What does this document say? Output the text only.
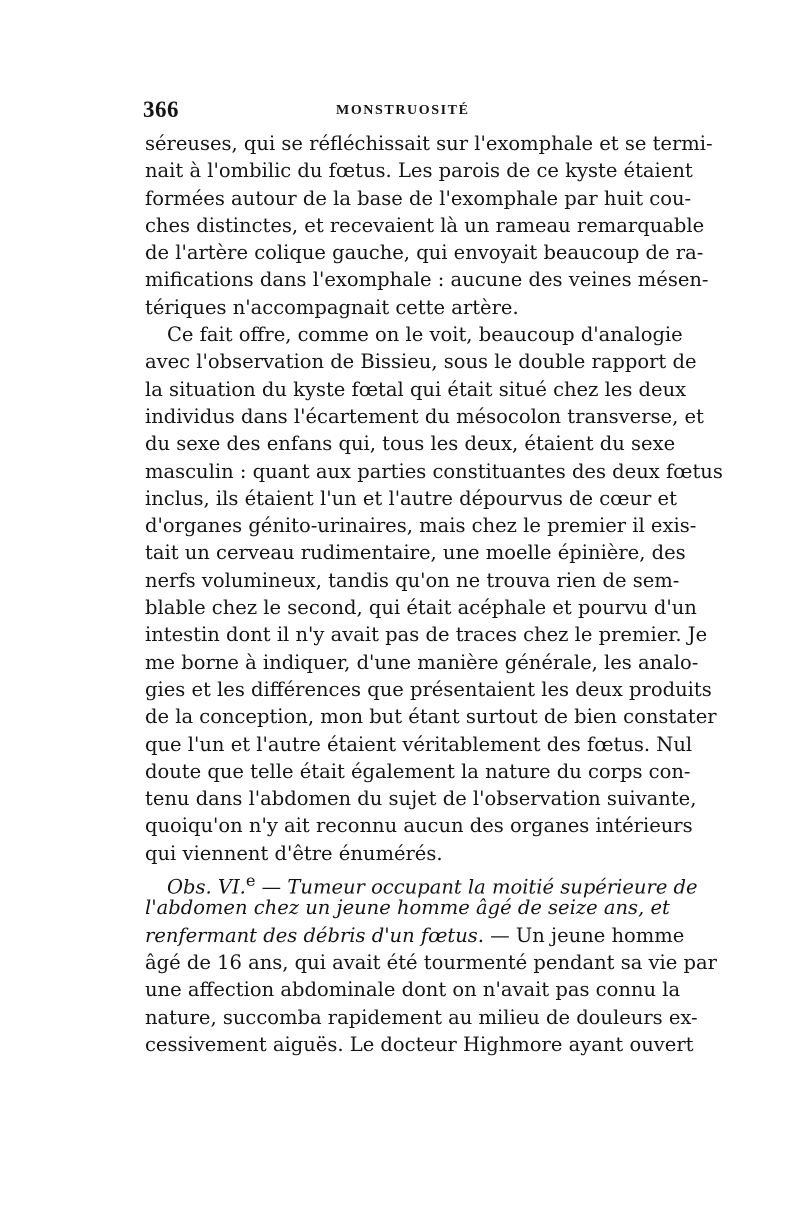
366	MONSTRUOSITÉ
séreuses, qui se réfléchissait sur l'exomphale et se termi-
nait à l'ombilic du fœtus. Les parois de ce kyste étaient
formées autour de la base de l'exomphale par huit cou-
ches distinctes, et recevaient là un rameau remarquable
de l'artère colique gauche, qui envoyait beaucoup de ra-
mifications dans l'exomphale : aucune des veines mésen-
tériques n'accompagnait cette artère.
Ce fait offre, comme on le voit, beaucoup d'analogie
avec l'observation de Bissieu, sous le double rapport de
la situation du kyste fœtal qui était situé chez les deux
individus dans l'écartement du mésocolon transverse, et
du sexe des enfans qui, tous les deux, étaient du sexe
masculin : quant aux parties constituantes des deux fœtus
inclus, ils étaient l'un et l'autre dépourvus de cœur et
d'organes génito-urinaires, mais chez le premier il exis-
tait un cerveau rudimentaire, une moelle épinière, des
nerfs volumineux, tandis qu'on ne trouva rien de sem-
blable chez le second, qui était acéphale et pourvu d'un
intestin dont il n'y avait pas de traces chez le premier. Je
me borne à indiquer, d'une manière générale, les analo-
gies et les différences que présentaient les deux produits
de la conception, mon but étant surtout de bien constater
que l'un et l'autre étaient véritablement des fœtus. Nul
doute que telle était également la nature du corps con-
tenu dans l'abdomen du sujet de l'observation suivante,
quoiqu'on n'y ait reconnu aucun des organes intérieurs
qui viennent d'être énumérés.
Obs. VI.$^e$ — Tumeur occupant la moitié supérieure de
l'abdomen chez un jeune homme âgé de seize ans, et
renfermant des débris d'un fœtus. — Un jeune homme
âgé de 16 ans, qui avait été tourmenté pendant sa vie par
une affection abdominale dont on n'avait pas connu la
nature, succomba rapidement au milieu de douleurs ex-
cessivement aiguës. Le docteur Highmore ayant ouvert
